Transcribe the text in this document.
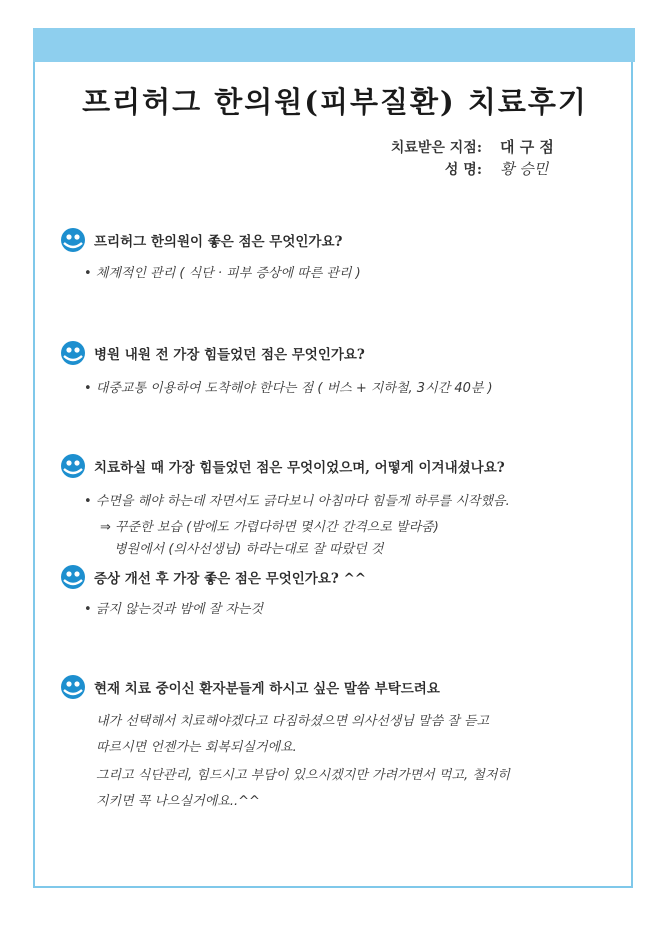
프리허그 한의원(피부질환) 치료후기
치료받은 지점: 대 구 점
성 명: 황 승민
프리허그 한의원이 좋은 점은 무엇인가요?
• 체계적인 관리 ( 식단 · 피부 증상에 따른 관리 )
병원 내원 전 가장 힘들었던 점은 무엇인가요?
• 대중교통 이용하여 도착해야 한다는 점 ( 버스 + 지하철, 3시간 40분 )
치료하실 때 가장 힘들었던 점은 무엇이었으며, 어떻게 이겨내셨나요?
• 수면을 해야 하는데 자면서도 긁다보니 아침마다 힘들게 하루를 시작했음.
⇒ 꾸준한 보습 (밤에도 가렵다하면 몇시간 간격으로 발라줌)
병원에서 (의사선생님) 하라는대로 잘 따랐던 것
증상 개선 후 가장 좋은 점은 무엇인가요? ^^
• 긁지 않는것과 밤에 잘 자는것
현재 치료 중이신 환자분들게 하시고 싶은 말씀 부탁드려요
내가 선택해서 치료해야겠다고 다짐하셨으면 의사선생님 말씀 잘 듣고
따르시면 언젠가는 회복되실거에요.
그리고 식단관리, 힘드시고 부담이 있으시겠지만 가려가면서 먹고, 철저히
지키면 꼭 나으실거에요..^^
